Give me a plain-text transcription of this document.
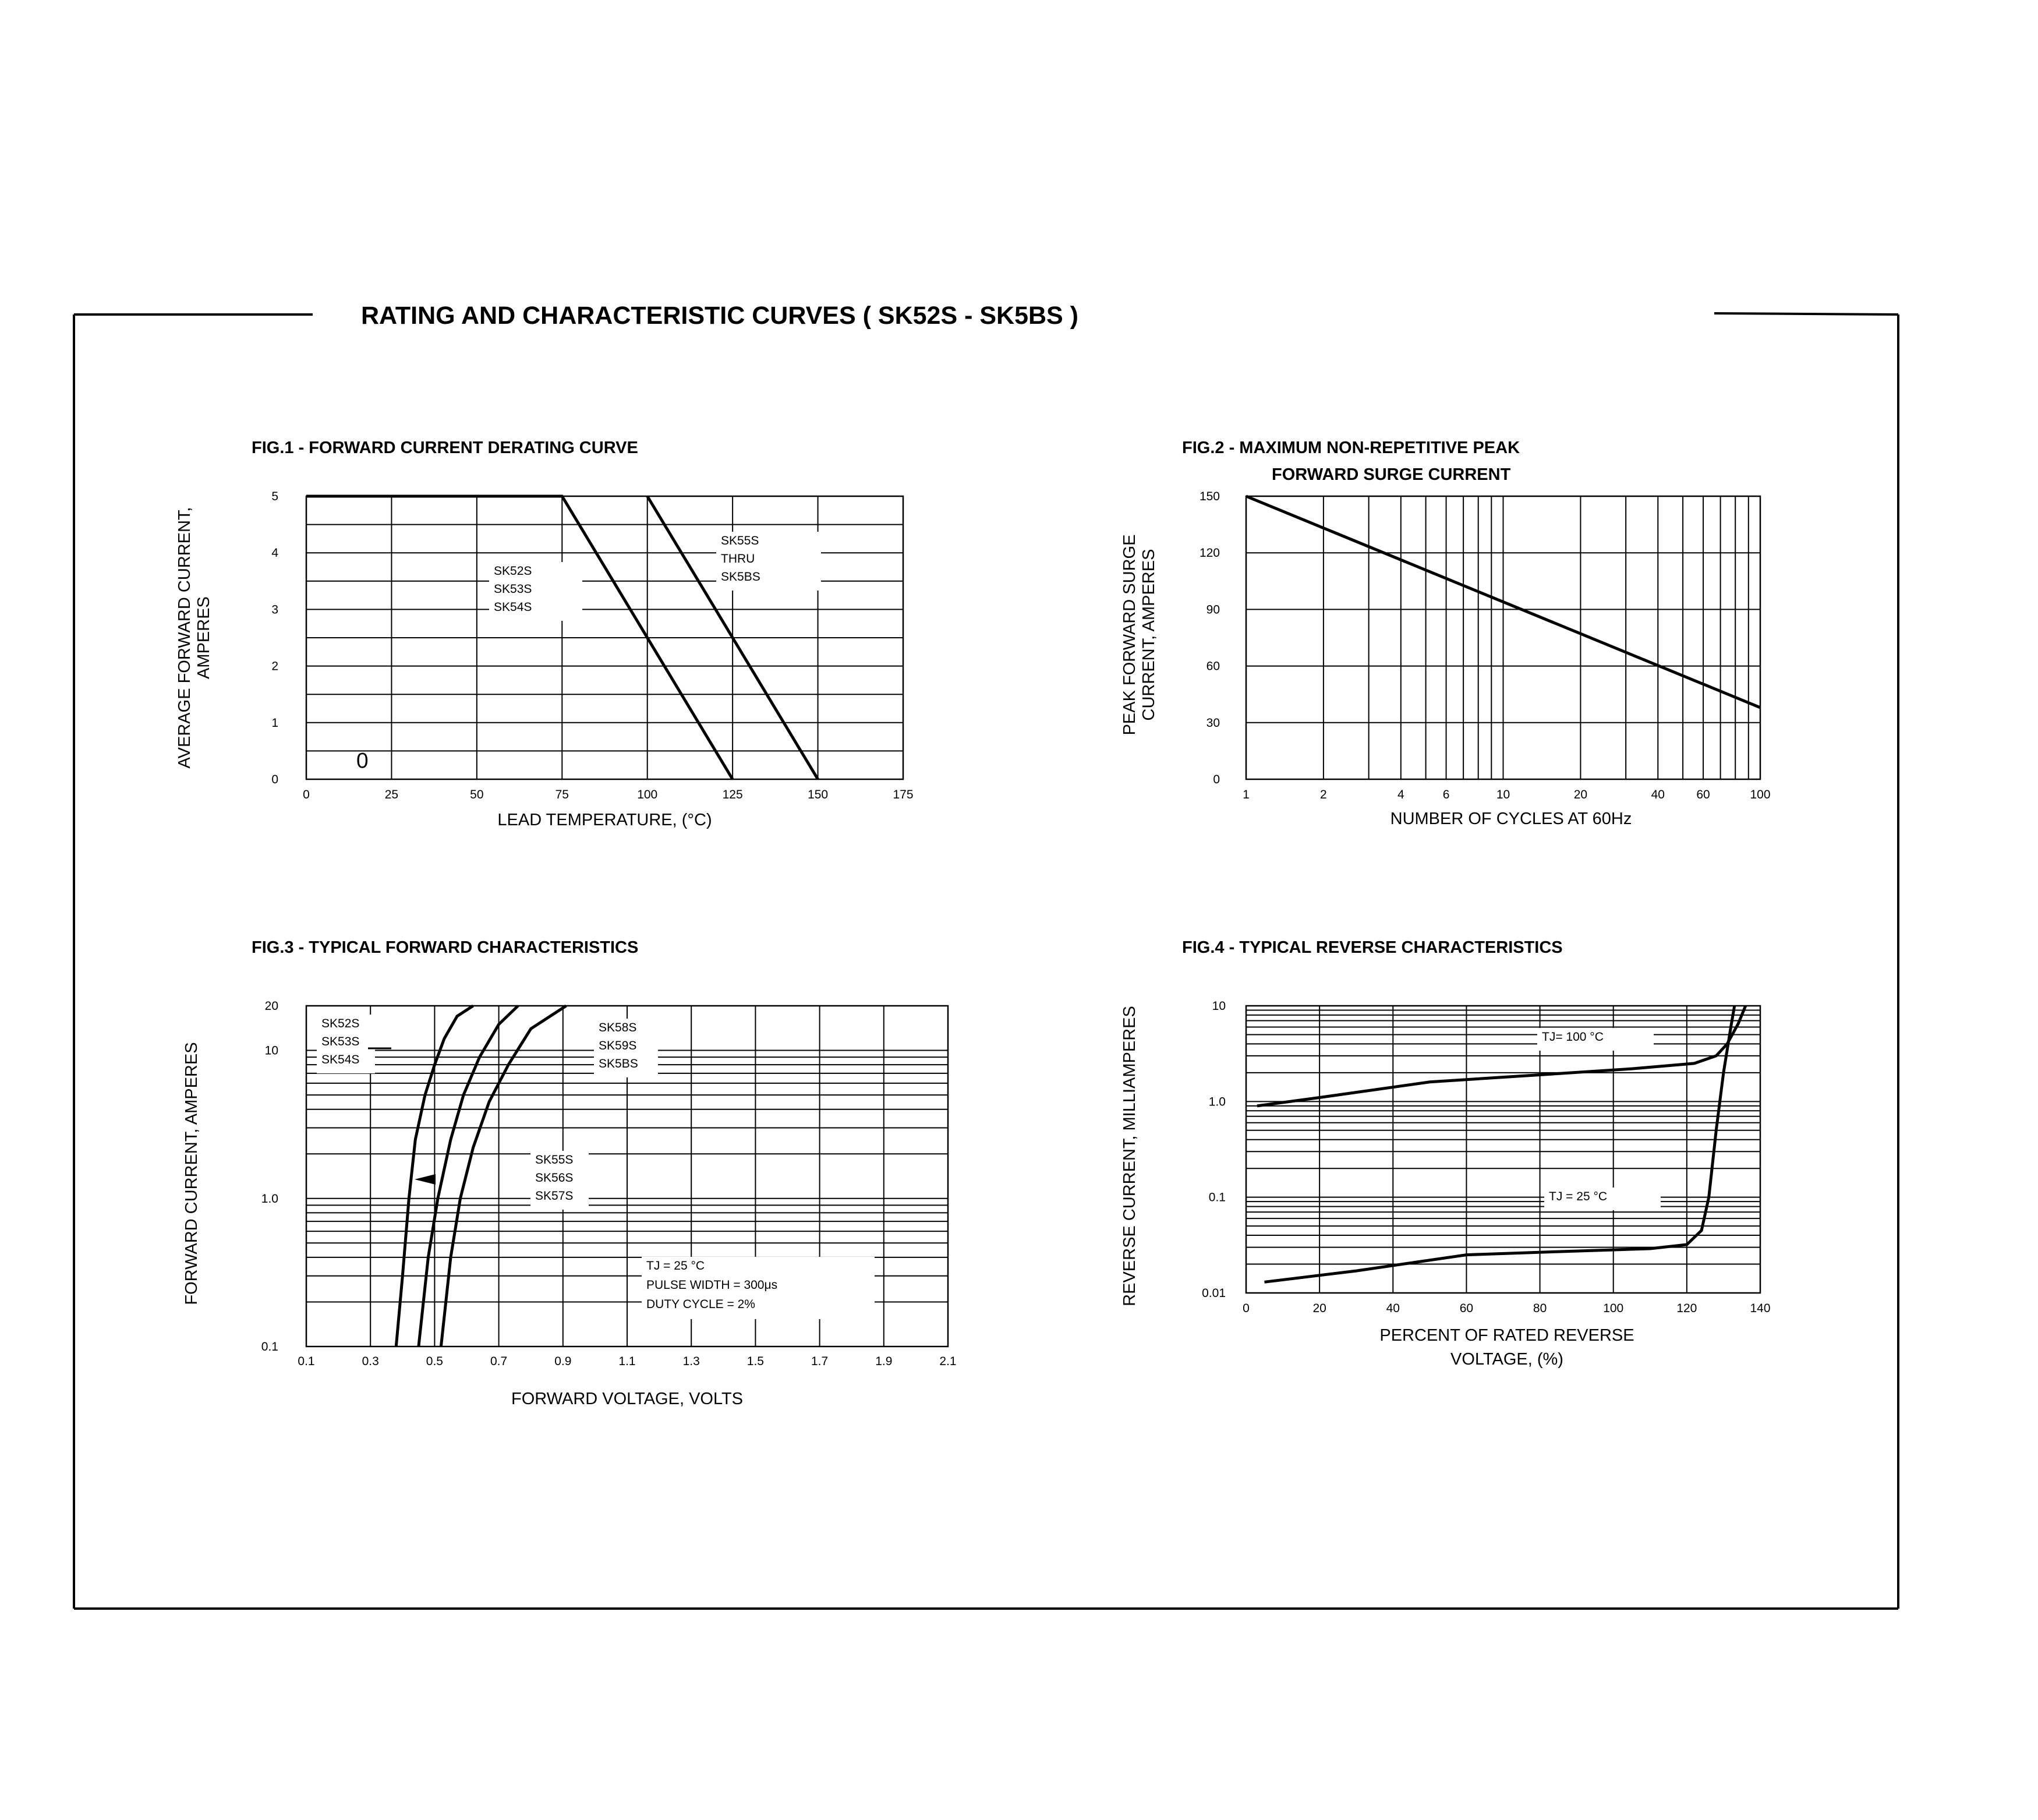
RATING AND CHARACTERISTIC CURVES ( SK52S - SK5BS )
FIG.1 - FORWARD CURRENT DERATING CURVE
0	25	50	75	100	125	150	175
0
1
2
3
4
5
0
SK52S
SK53S
SK54S
SK55S
THRU
SK5BS
LEAD TEMPERATURE, (°C)
AVERAGE FORWARD CURRENT, AMPERES
FIG.2 - MAXIMUM NON-REPETITIVE PEAK
FORWARD SURGE CURRENT
1	2	4	6	10	20	40	60	100
0
30
60
90
120
150
NUMBER OF CYCLES AT 60Hz
PEAK FORWARD SURGE CURRENT, AMPERES
FIG.3 - TYPICAL FORWARD CHARACTERISTICS
0.1	0.3	0.5	0.7	0.9	1.1	1.3	1.5	1.7	1.9	2.1
0.1
1.0
10
20
SK52S
SK53S
SK54S
SK58S
SK59S
SK5BS
SK55S
SK56S
SK57S
TJ = 25 °C
PULSE WIDTH = 300μs
DUTY CYCLE = 2%
FORWARD VOLTAGE, VOLTS
FORWARD CURRENT, AMPERES
FIG.4 - TYPICAL REVERSE CHARACTERISTICS
0	20	40	60	80	100	120	140
0.01
0.1
1.0
10
TJ= 100 °C
TJ = 25 °C
PERCENT OF RATED REVERSE
VOLTAGE, (%)
REVERSE CURRENT, MILLIAMPERES
